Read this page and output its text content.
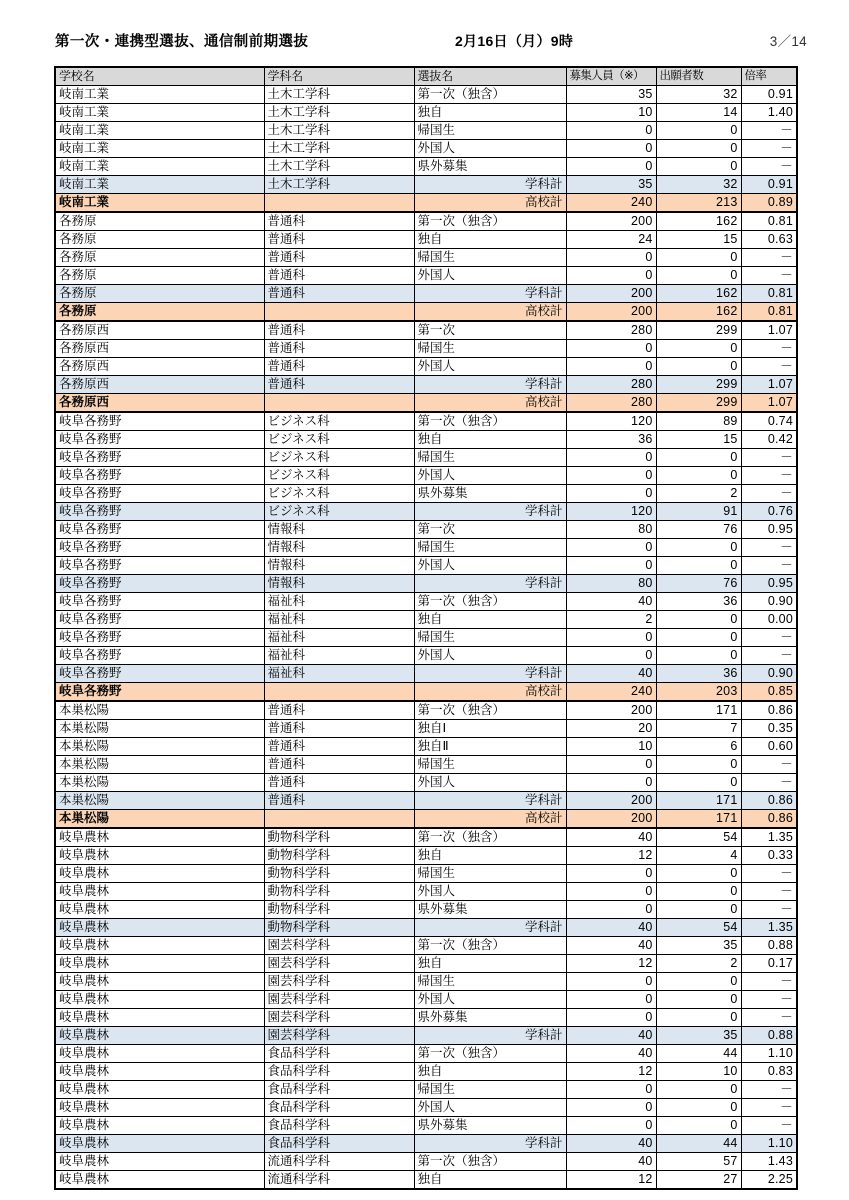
第一次・連携型選抜、通信制前期選抜	2月16日（月）9時	3／14
学校名	学科名	選抜名	募集人員（※）	出願者数	倍率
岐南工業	土木工学科	第一次（独含）	35	32	0.91
岐南工業	土木工学科	独自	10	14	1.40
岐南工業	土木工学科	帰国生	0	0	－
岐南工業	土木工学科	外国人	0	0	－
岐南工業	土木工学科	県外募集	0	0	－
岐南工業	土木工学科	学科計	35	32	0.91
岐南工業		高校計	240	213	0.89
各務原	普通科	第一次（独含）	200	162	0.81
各務原	普通科	独自	24	15	0.63
各務原	普通科	帰国生	0	0	－
各務原	普通科	外国人	0	0	－
各務原	普通科	学科計	200	162	0.81
各務原		高校計	200	162	0.81
各務原西	普通科	第一次	280	299	1.07
各務原西	普通科	帰国生	0	0	－
各務原西	普通科	外国人	0	0	－
各務原西	普通科	学科計	280	299	1.07
各務原西		高校計	280	299	1.07
岐阜各務野	ビジネス科	第一次（独含）	120	89	0.74
岐阜各務野	ビジネス科	独自	36	15	0.42
岐阜各務野	ビジネス科	帰国生	0	0	－
岐阜各務野	ビジネス科	外国人	0	0	－
岐阜各務野	ビジネス科	県外募集	0	2	－
岐阜各務野	ビジネス科	学科計	120	91	0.76
岐阜各務野	情報科	第一次	80	76	0.95
岐阜各務野	情報科	帰国生	0	0	－
岐阜各務野	情報科	外国人	0	0	－
岐阜各務野	情報科	学科計	80	76	0.95
岐阜各務野	福祉科	第一次（独含）	40	36	0.90
岐阜各務野	福祉科	独自	2	0	0.00
岐阜各務野	福祉科	帰国生	0	0	－
岐阜各務野	福祉科	外国人	0	0	－
岐阜各務野	福祉科	学科計	40	36	0.90
岐阜各務野		高校計	240	203	0.85
本巣松陽	普通科	第一次（独含）	200	171	0.86
本巣松陽	普通科	独自Ⅰ	20	7	0.35
本巣松陽	普通科	独自Ⅱ	10	6	0.60
本巣松陽	普通科	帰国生	0	0	－
本巣松陽	普通科	外国人	0	0	－
本巣松陽	普通科	学科計	200	171	0.86
本巣松陽		高校計	200	171	0.86
岐阜農林	動物科学科	第一次（独含）	40	54	1.35
岐阜農林	動物科学科	独自	12	4	0.33
岐阜農林	動物科学科	帰国生	0	0	－
岐阜農林	動物科学科	外国人	0	0	－
岐阜農林	動物科学科	県外募集	0	0	－
岐阜農林	動物科学科	学科計	40	54	1.35
岐阜農林	園芸科学科	第一次（独含）	40	35	0.88
岐阜農林	園芸科学科	独自	12	2	0.17
岐阜農林	園芸科学科	帰国生	0	0	－
岐阜農林	園芸科学科	外国人	0	0	－
岐阜農林	園芸科学科	県外募集	0	0	－
岐阜農林	園芸科学科	学科計	40	35	0.88
岐阜農林	食品科学科	第一次（独含）	40	44	1.10
岐阜農林	食品科学科	独自	12	10	0.83
岐阜農林	食品科学科	帰国生	0	0	－
岐阜農林	食品科学科	外国人	0	0	－
岐阜農林	食品科学科	県外募集	0	0	－
岐阜農林	食品科学科	学科計	40	44	1.10
岐阜農林	流通科学科	第一次（独含）	40	57	1.43
岐阜農林	流通科学科	独自	12	27	2.25
